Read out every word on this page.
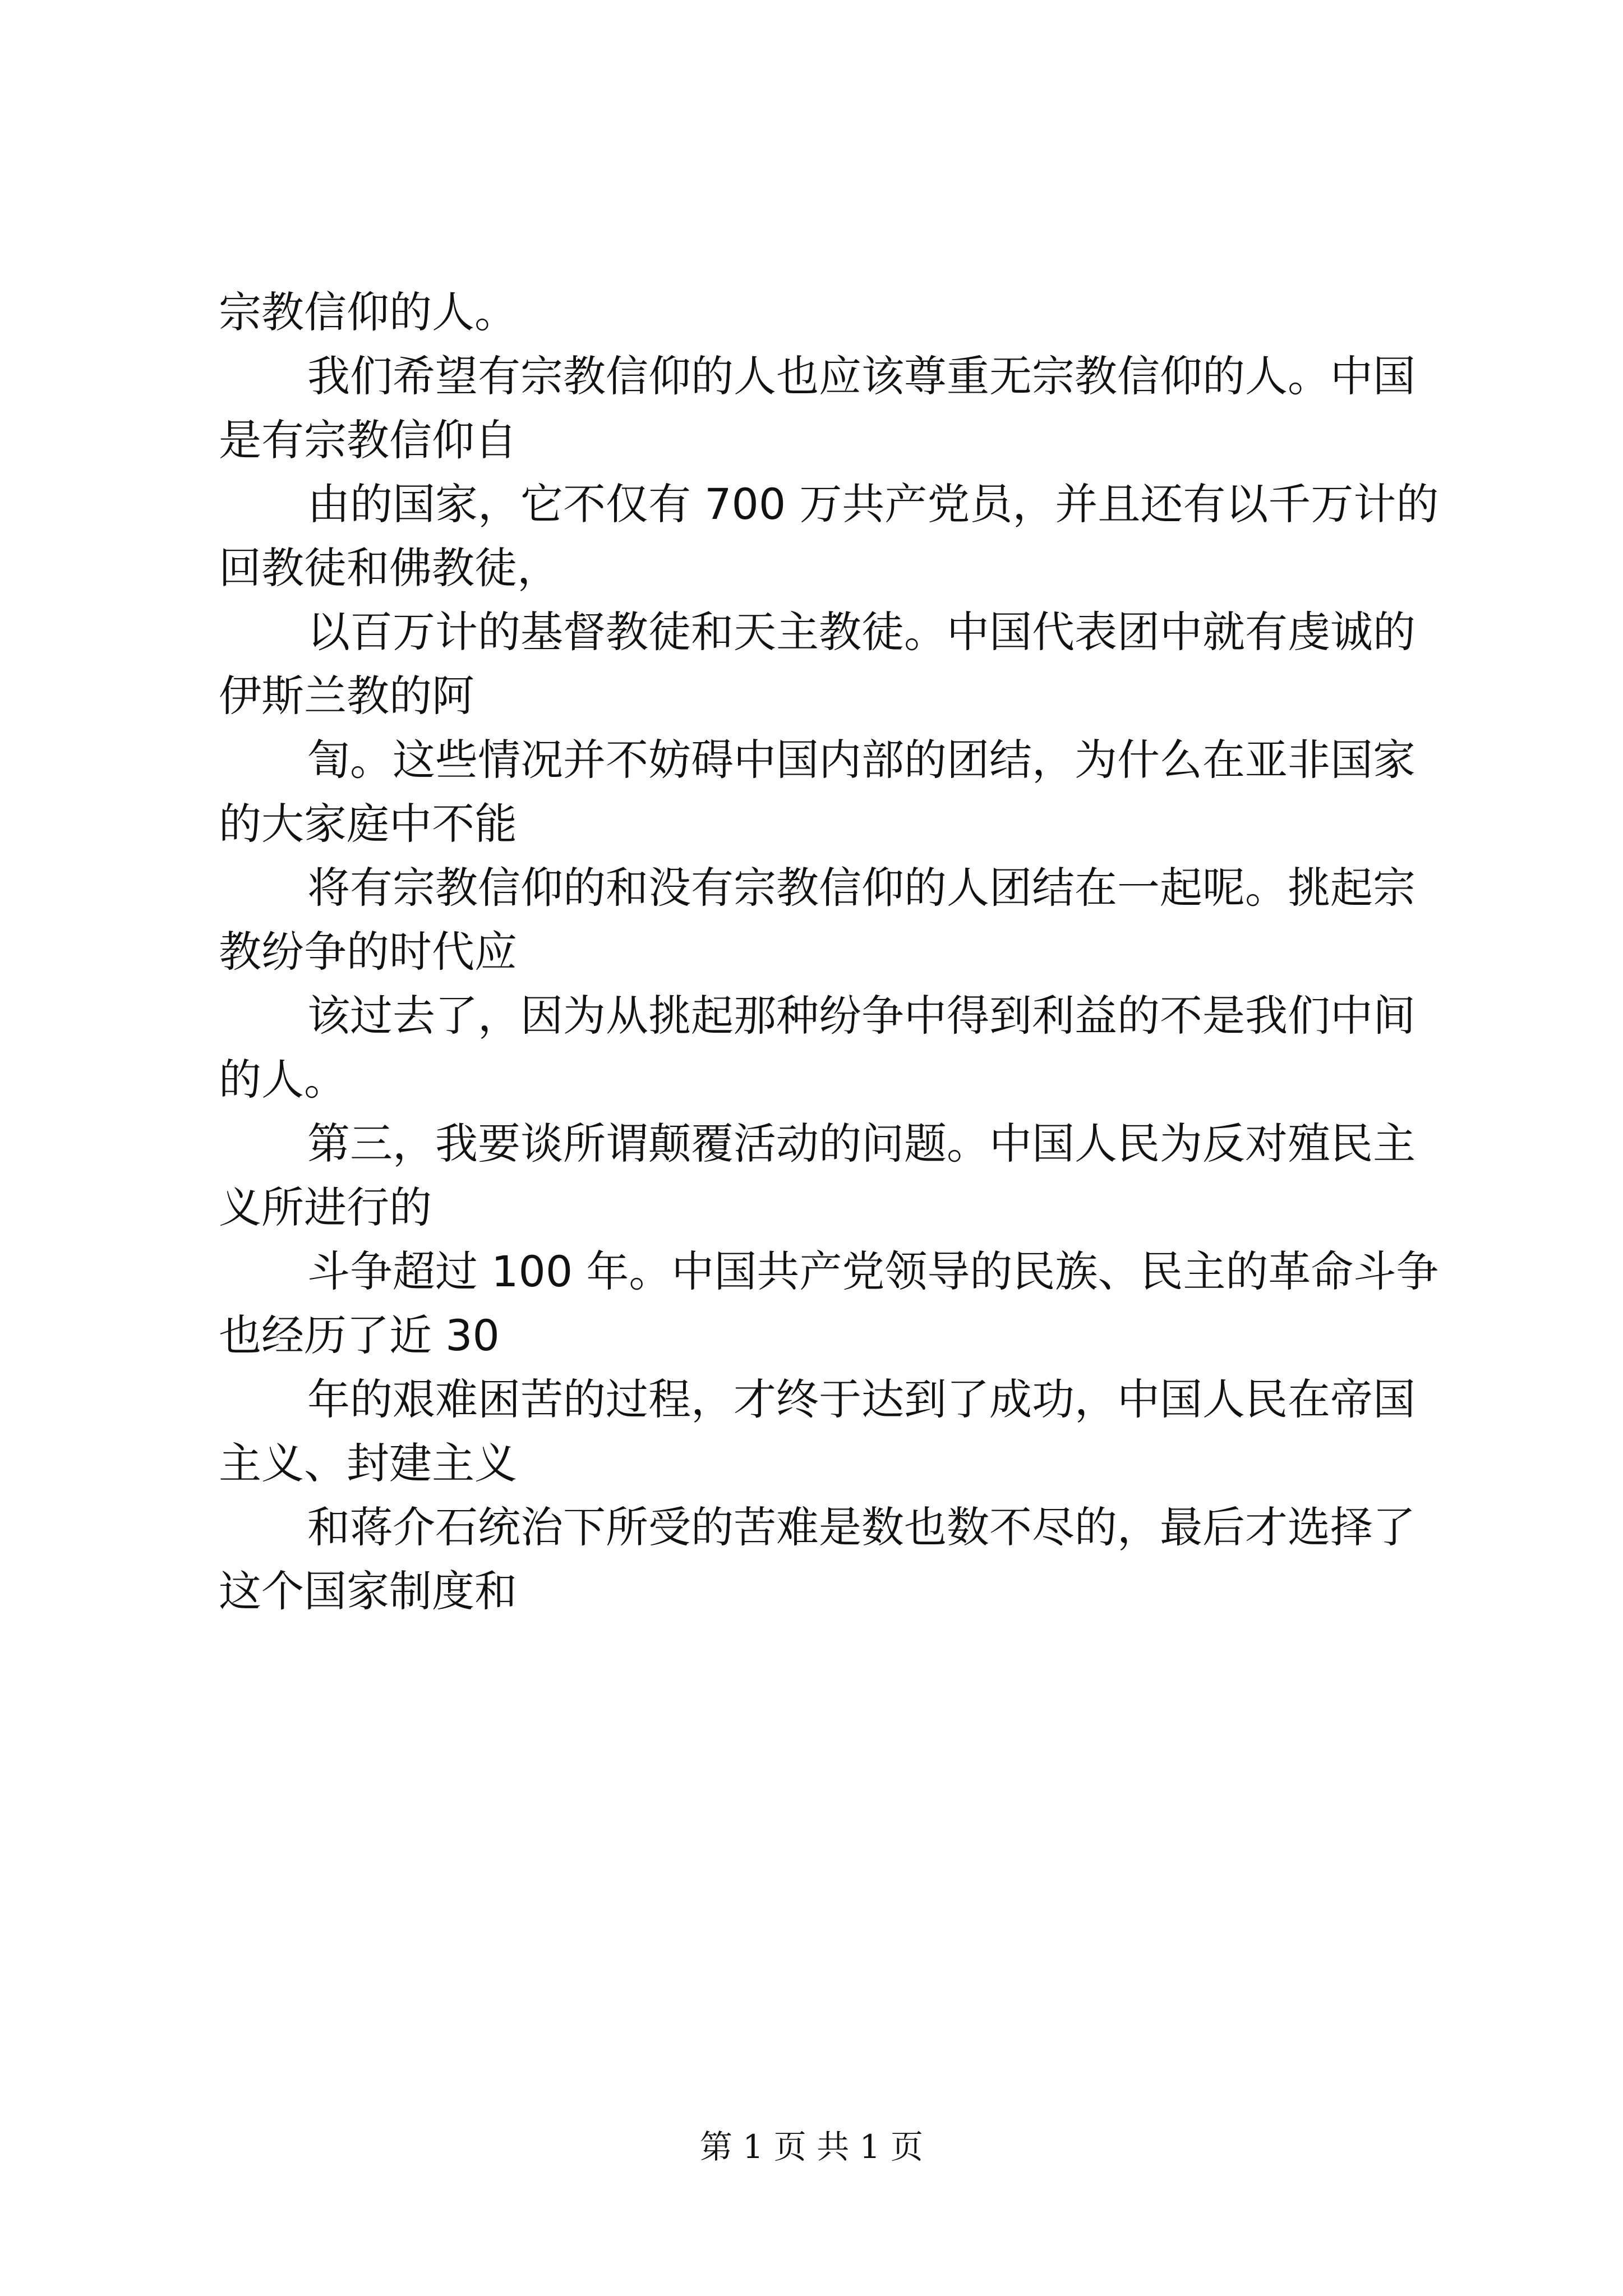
宗教信仰的人。
我们希望有宗教信仰的人也应该尊重无宗教信仰的人。中国
是有宗教信仰自
由的国家，它不仅有 700 万共产党员，并且还有以千万计的
回教徒和佛教徒，
以百万计的基督教徒和天主教徒。中国代表团中就有虔诚的
伊斯兰教的阿
訇。这些情况并不妨碍中国内部的团结，为什么在亚非国家
的大家庭中不能
将有宗教信仰的和没有宗教信仰的人团结在一起呢。挑起宗
教纷争的时代应
该过去了，因为从挑起那种纷争中得到利益的不是我们中间
的人。
第三，我要谈所谓颠覆活动的问题。中国人民为反对殖民主
义所进行的
斗争超过 100 年。中国共产党领导的民族、民主的革命斗争
也经历了近 30
年的艰难困苦的过程，才终于达到了成功，中国人民在帝国
主义、封建主义
和蒋介石统治下所受的苦难是数也数不尽的，最后才选择了
这个国家制度和
第 1 页 共 1 页
